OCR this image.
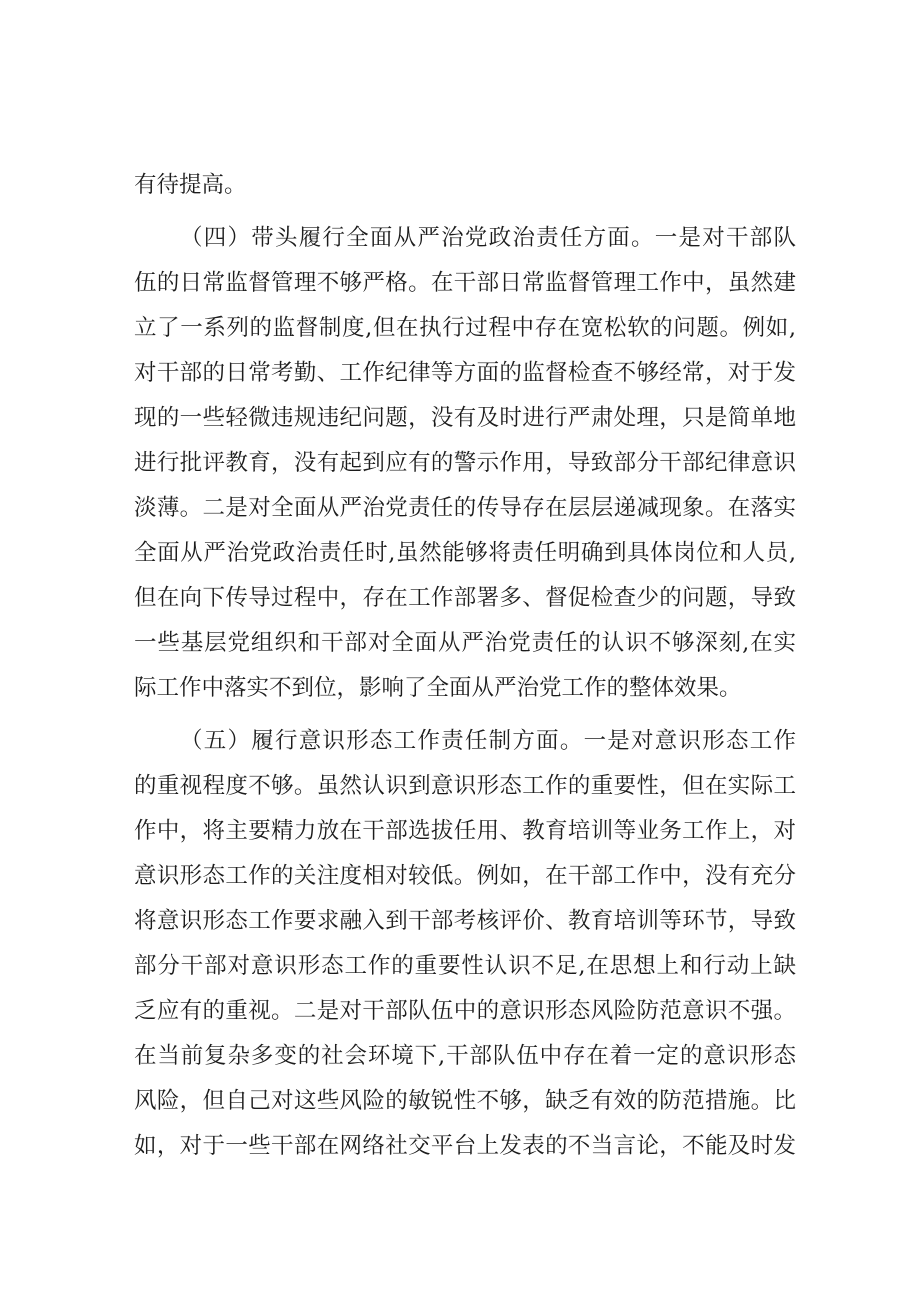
有待提高。
（四）带头履行全面从严治党政治责任方面。一是对干部队
伍的日常监督管理不够严格。在干部日常监督管理工作中，虽然建
立了一系列的监督制度,但在执行过程中存在宽松软的问题。例如,
对干部的日常考勤、工作纪律等方面的监督检查不够经常，对于发
现的一些轻微违规违纪问题，没有及时进行严肃处理，只是简单地
进行批评教育，没有起到应有的警示作用，导致部分干部纪律意识
淡薄。二是对全面从严治党责任的传导存在层层递减现象。在落实
全面从严治党政治责任时,虽然能够将责任明确到具体岗位和人员,
但在向下传导过程中，存在工作部署多、督促检查少的问题，导致
一些基层党组织和干部对全面从严治党责任的认识不够深刻,在实
际工作中落实不到位，影响了全面从严治党工作的整体效果。
（五）履行意识形态工作责任制方面。一是对意识形态工作
的重视程度不够。虽然认识到意识形态工作的重要性，但在实际工
作中，将主要精力放在干部选拔任用、教育培训等业务工作上，对
意识形态工作的关注度相对较低。例如，在干部工作中，没有充分
将意识形态工作要求融入到干部考核评价、教育培训等环节，导致
部分干部对意识形态工作的重要性认识不足,在思想上和行动上缺
乏应有的重视。二是对干部队伍中的意识形态风险防范意识不强。
在当前复杂多变的社会环境下,干部队伍中存在着一定的意识形态
风险，但自己对这些风险的敏锐性不够，缺乏有效的防范措施。比
如，对于一些干部在网络社交平台上发表的不当言论，不能及时发
